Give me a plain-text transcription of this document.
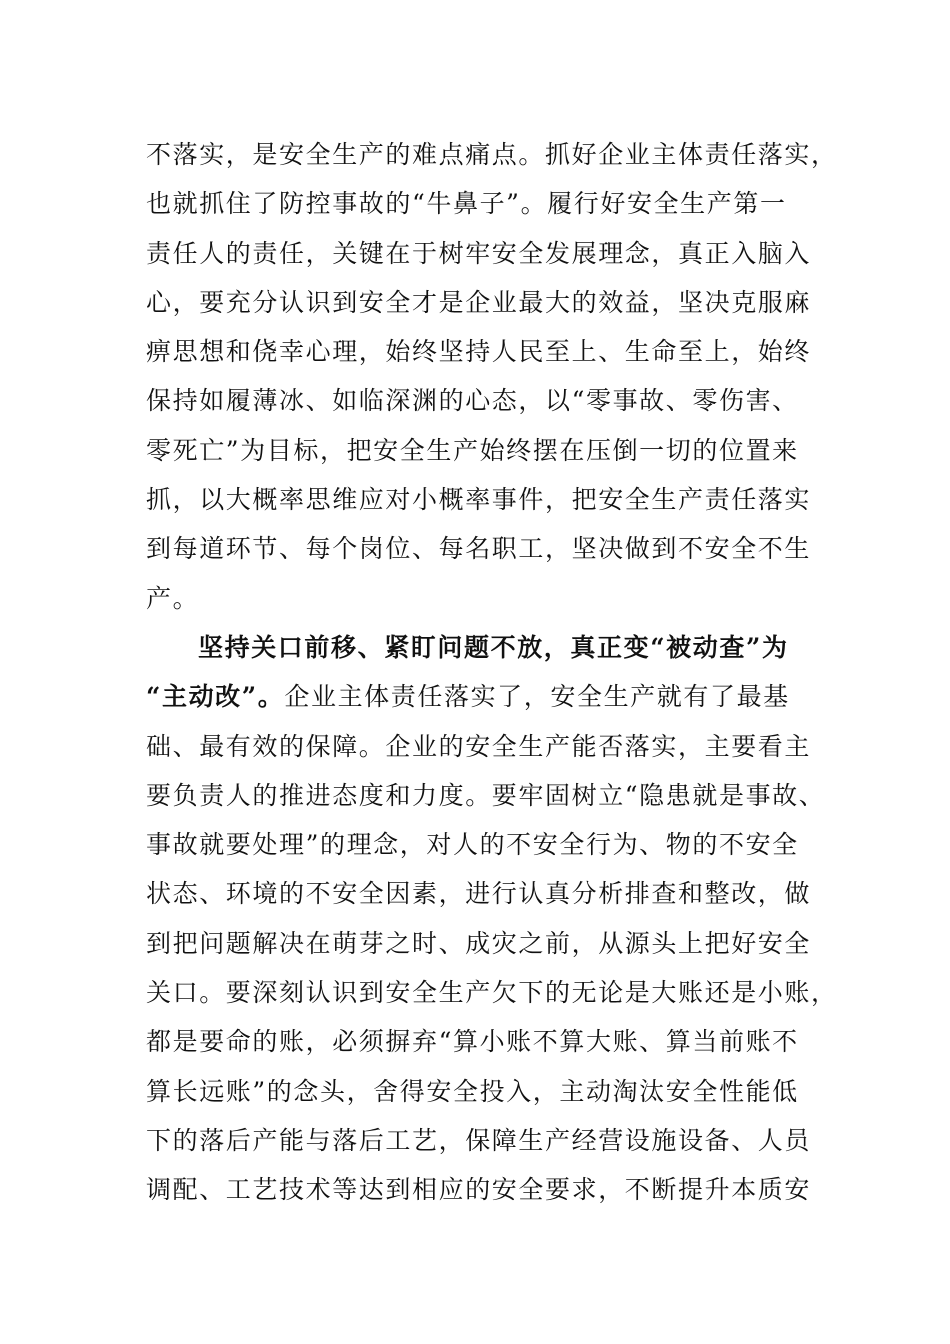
不落实，是安全生产的难点痛点。抓好企业主体责任落实，
也就抓住了防控事故的“牛鼻子”。履行好安全生产第一
责任人的责任，关键在于树牢安全发展理念，真正入脑入
心，要充分认识到安全才是企业最大的效益，坚决克服麻
痹思想和侥幸心理，始终坚持人民至上、生命至上，始终
保持如履薄冰、如临深渊的心态，以“零事故、零伤害、
零死亡”为目标，把安全生产始终摆在压倒一切的位置来
抓，以大概率思维应对小概率事件，把安全生产责任落实
到每道环节、每个岗位、每名职工，坚决做到不安全不生
产。
坚持关口前移、紧盯问题不放，真正变“被动查”为
“主动改”。企业主体责任落实了，安全生产就有了最基
础、最有效的保障。企业的安全生产能否落实，主要看主
要负责人的推进态度和力度。要牢固树立“隐患就是事故、
事故就要处理”的理念，对人的不安全行为、物的不安全
状态、环境的不安全因素，进行认真分析排查和整改，做
到把问题解决在萌芽之时、成灾之前，从源头上把好安全
关口。要深刻认识到安全生产欠下的无论是大账还是小账，
都是要命的账，必须摒弃“算小账不算大账、算当前账不
算长远账”的念头，舍得安全投入，主动淘汰安全性能低
下的落后产能与落后工艺，保障生产经营设施设备、人员
调配、工艺技术等达到相应的安全要求，不断提升本质安
